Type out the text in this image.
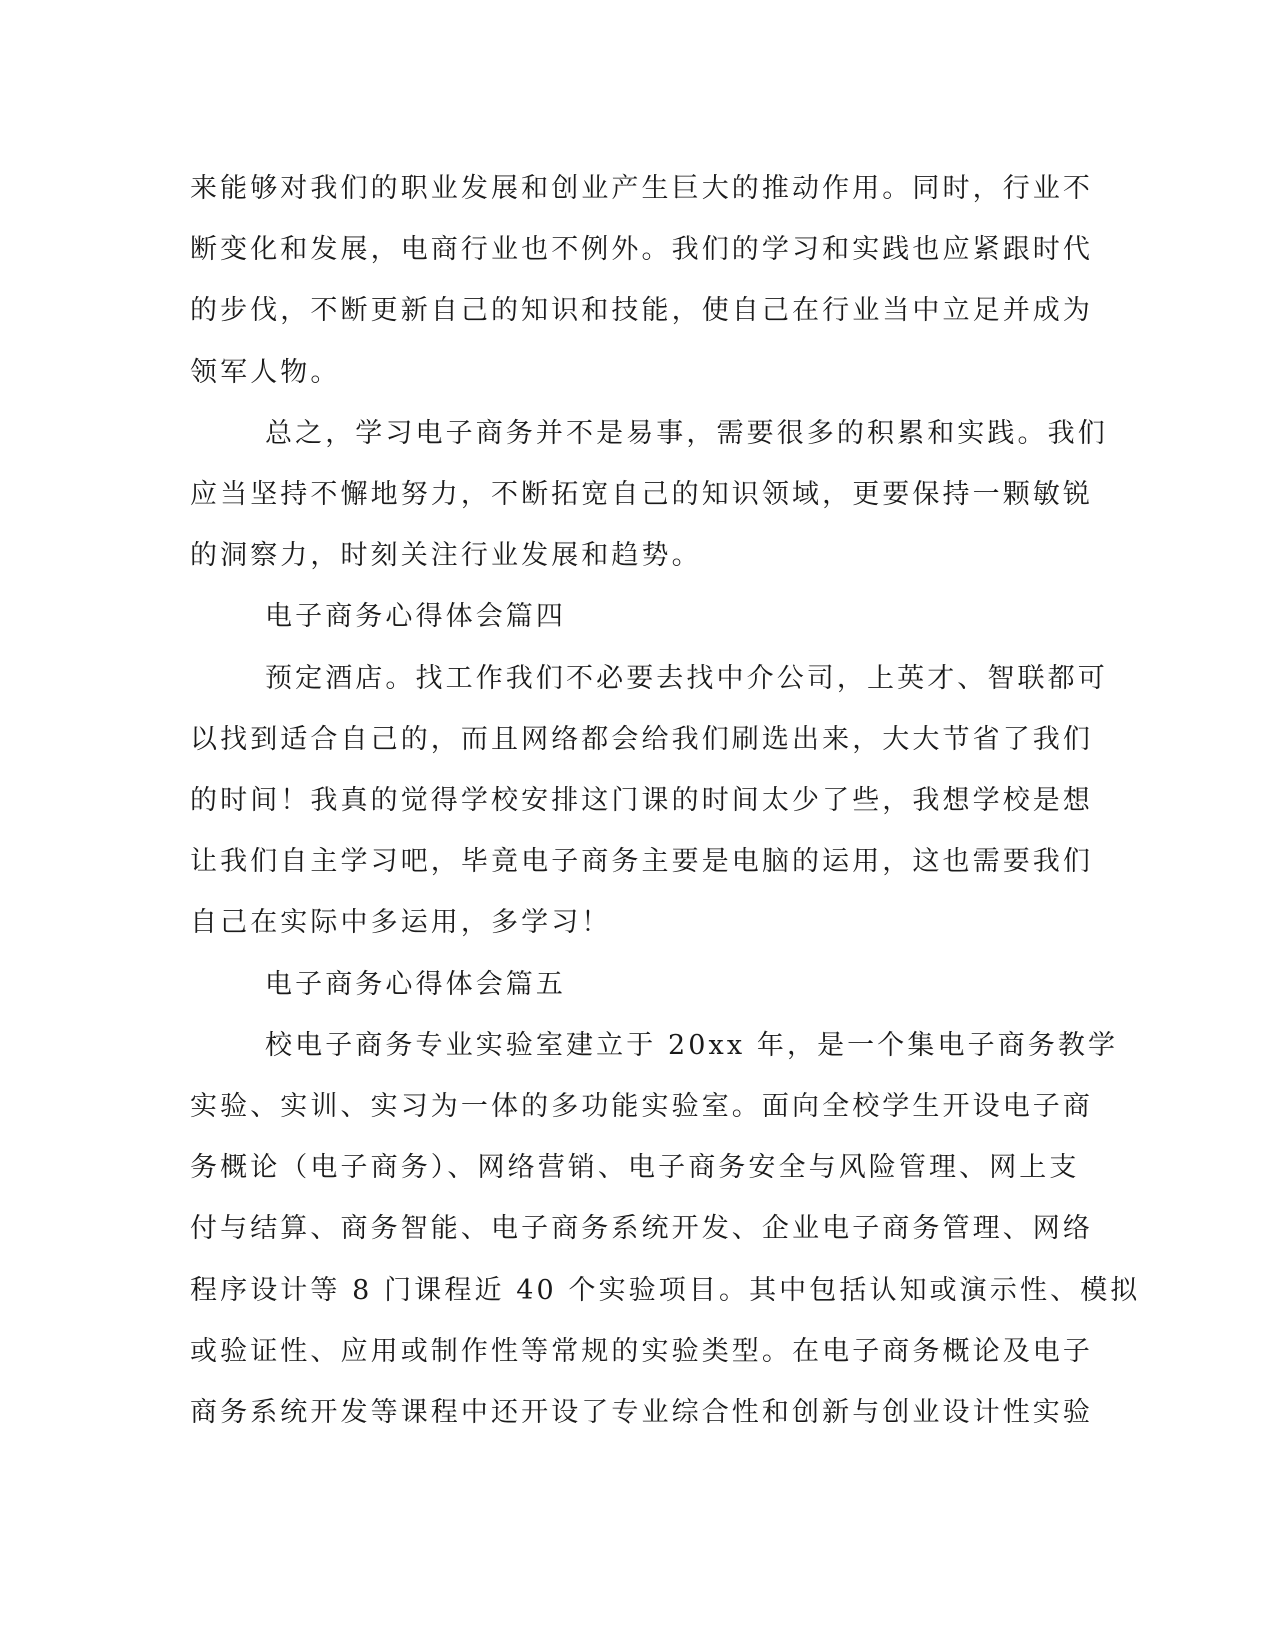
来能够对我们的职业发展和创业产生巨大的推动作用。同时，行业不
断变化和发展，电商行业也不例外。我们的学习和实践也应紧跟时代
的步伐，不断更新自己的知识和技能，使自己在行业当中立足并成为
领军人物。

总之，学习电子商务并不是易事，需要很多的积累和实践。我们
应当坚持不懈地努力，不断拓宽自己的知识领域，更要保持一颗敏锐
的洞察力，时刻关注行业发展和趋势。

电子商务心得体会篇四

预定酒店。找工作我们不必要去找中介公司，上英才、智联都可
以找到适合自己的，而且网络都会给我们刷选出来，大大节省了我们
的时间！我真的觉得学校安排这门课的时间太少了些，我想学校是想
让我们自主学习吧，毕竟电子商务主要是电脑的运用，这也需要我们
自己在实际中多运用，多学习！

电子商务心得体会篇五

校电子商务专业实验室建立于 20xx 年，是一个集电子商务教学
实验、实训、实习为一体的多功能实验室。面向全校学生开设电子商
务概论（电子商务）、网络营销、电子商务安全与风险管理、网上支
付与结算、商务智能、电子商务系统开发、企业电子商务管理、网络
程序设计等 8 门课程近 40 个实验项目。其中包括认知或演示性、模拟
或验证性、应用或制作性等常规的实验类型。在电子商务概论及电子
商务系统开发等课程中还开设了专业综合性和创新与创业设计性实验
